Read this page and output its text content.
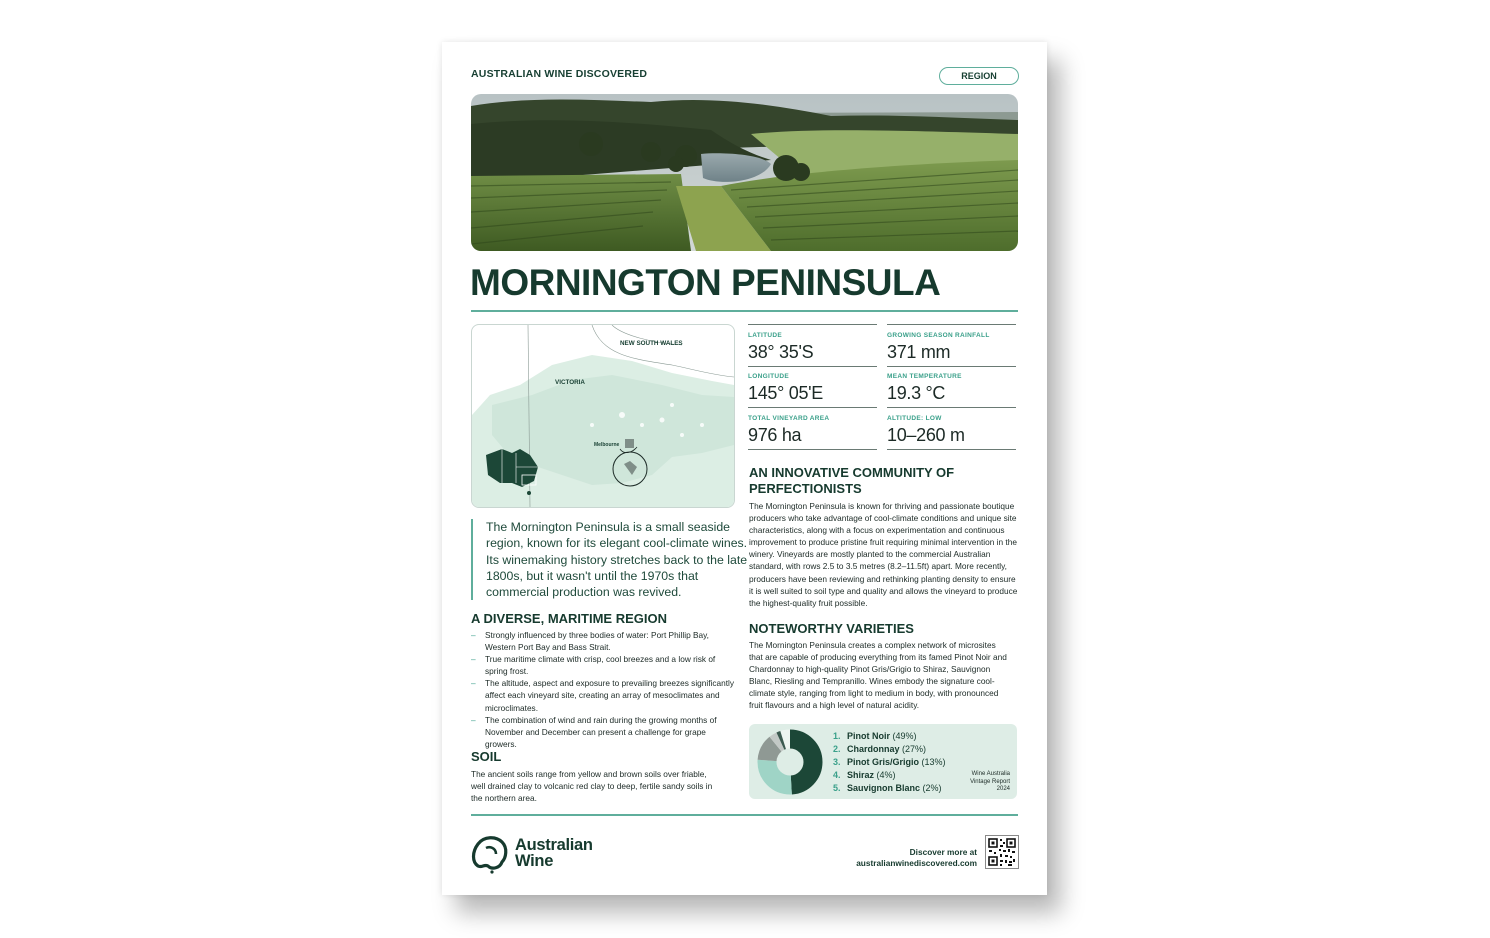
AUSTRALIAN WINE DISCOVERED	REGION
MORNINGTON PENINSULA
NEW SOUTH WALES
VICTORIA
Melbourne
LATITUDE
38° 35'S
GROWING SEASON RAINFALL
371 mm
LONGITUDE
145° 05'E
MEAN TEMPERATURE
19.3 °C
TOTAL VINEYARD AREA
976 ha
ALTITUDE: LOW
10–260 m
AN INNOVATIVE COMMUNITY OF PERFECTIONISTS
The Mornington Peninsula is known for thriving and passionate boutique producers who take advantage of cool-climate conditions and unique site characteristics, along with a focus on experimentation and continuous improvement to produce pristine fruit requiring minimal intervention in the winery. Vineyards are mostly planted to the commercial Australian standard, with rows 2.5 to 3.5 metres (8.2–11.5ft) apart. More recently, producers have been reviewing and rethinking planting density to ensure it is well suited to soil type and quality and allows the vineyard to produce the highest-quality fruit possible.
NOTEWORTHY VARIETIES
The Mornington Peninsula creates a complex network of microsites that are capable of producing everything from its famed Pinot Noir and Chardonnay to high-quality Pinot Gris/Grigio to Shiraz, Sauvignon Blanc, Riesling and Tempranillo. Wines embody the signature cool-climate style, ranging from light to medium in body, with pronounced fruit flavours and a high level of natural acidity.
1. Pinot Noir (49%)
2. Chardonnay (27%)
3. Pinot Gris/Grigio (13%)
4. Shiraz (4%)
5. Sauvignon Blanc (2%)
Wine Australia
Vintage Report
2024
The Mornington Peninsula is a small seaside region, known for its elegant cool-climate wines. Its winemaking history stretches back to the late 1800s, but it wasn't until the 1970s that commercial production was revived.
A DIVERSE, MARITIME REGION
– Strongly influenced by three bodies of water: Port Phillip Bay, Western Port Bay and Bass Strait.
– True maritime climate with crisp, cool breezes and a low risk of spring frost.
– The altitude, aspect and exposure to prevailing breezes significantly affect each vineyard site, creating an array of mesoclimates and microclimates.
– The combination of wind and rain during the growing months of November and December can present a challenge for grape growers.
SOIL
The ancient soils range from yellow and brown soils over friable, well drained clay to volcanic red clay to deep, fertile sandy soils in the northern area.
Australian
Wine	Discover more at
australianwinediscovered.com
